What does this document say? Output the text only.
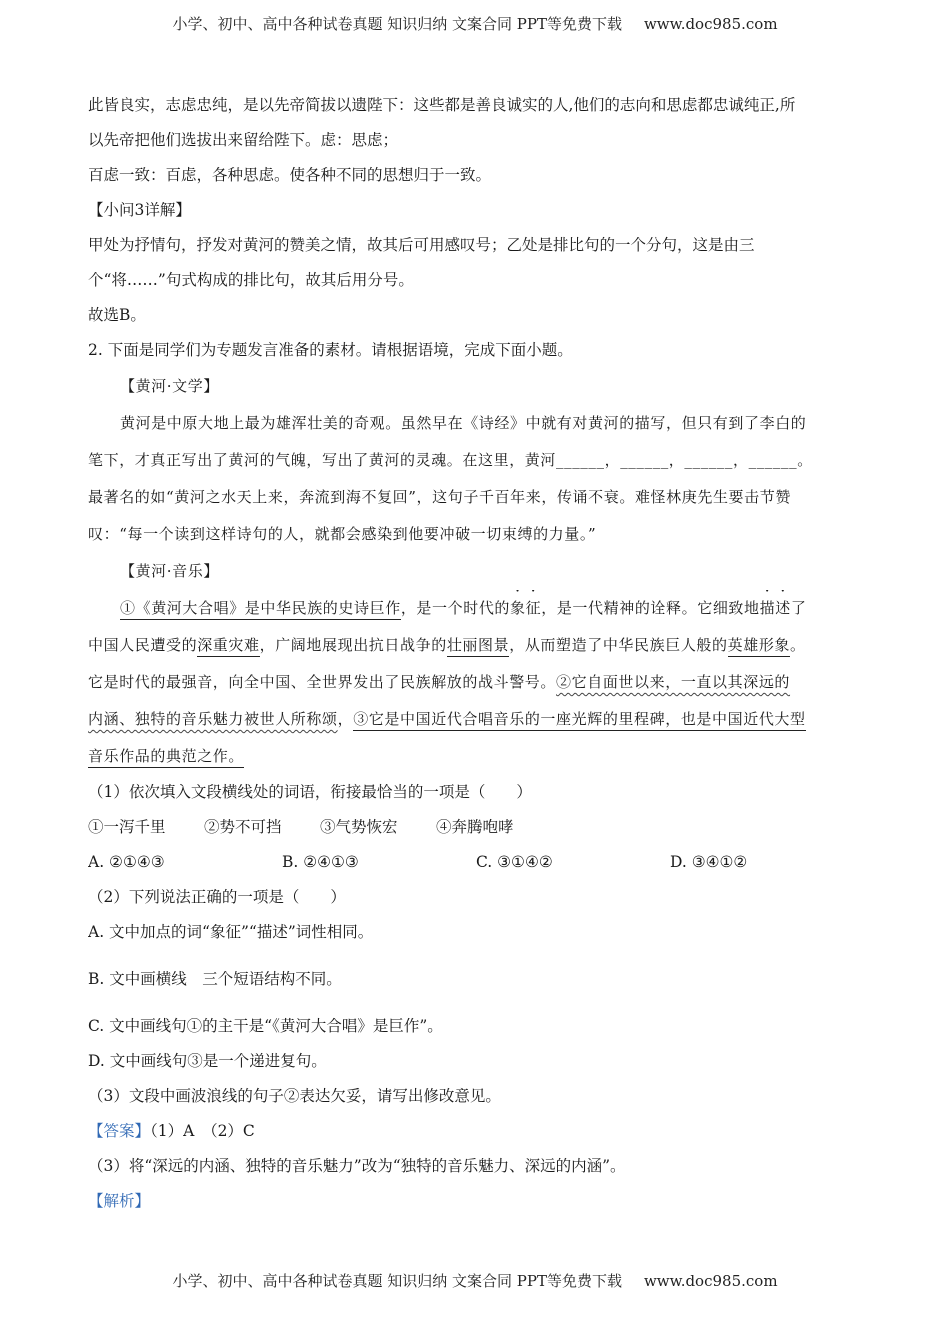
小学、初中、高中各种试卷真题 知识归纳 文案合同 PPT等免费下载 www.doc985.com
此皆良实，志虑忠纯，是以先帝简拔以遗陛下：这些都是善良诚实的人,他们的志向和思虑都忠诚纯正,所
以先帝把他们选拔出来留给陛下。虑：思虑；
百虑一致：百虑，各种思虑。使各种不同的思想归于一致。
【小问3详解】
甲处为抒情句，抒发对黄河的赞美之情，故其后可用感叹号；乙处是排比句的一个分句，这是由三
个“将……”句式构成的排比句，故其后用分号。
故选B。
2. 下面是同学们为专题发言准备的素材。请根据语境，完成下面小题。
【黄河·文学】
黄河是中原大地上最为雄浑壮美的奇观。虽然早在《诗经》中就有对黄河的描写，但只有到了李白的
笔下，才真正写出了黄河的气魄，写出了黄河的灵魂。在这里，黄河______，______，______，______。
最著名的如“黄河之水天上来，奔流到海不复回”，这句子千百年来，传诵不衰。难怪林庚先生要击节赞
叹：“每一个读到这样诗句的人，就都会感染到他要冲破一切束缚的力量。”
【黄河·音乐】
①《黄河大合唱》是中华民族的史诗巨作，是一个时代的象征，是一代精神的诠释。它细致地描述了
中国人民遭受的深重灾难，广阔地展现出抗日战争的壮丽图景，从而塑造了中华民族巨人般的英雄形象。
它是时代的最强音，向全中国、全世界发出了民族解放的战斗警号。②它自面世以来，一直以其深远的
内涵、独特的音乐魅力被世人所称颂，③它是中国近代合唱音乐的一座光辉的里程碑，也是中国近代大型
音乐作品的典范之作。
（1）依次填入文段横线处的词语，衔接最恰当的一项是（　　）
①一泻千里 ②势不可挡 ③气势恢宏 ④奔腾咆哮
A. ②①④③	B. ②④①③	C. ③①④②	D. ③④①②
（2）下列说法正确的一项是（　　）
A. 文中加点的词“象征”“描述”词性相同。
B. 文中画横线　三个短语结构不同。
C. 文中画线句①的主干是“《黄河大合唱》是巨作”。
D. 文中画线句③是一个递进复句。
（3）文段中画波浪线的句子②表达欠妥，请写出修改意见。
【答案】（1）A　（2）C
（3）将“深远的内涵、独特的音乐魅力”改为“独特的音乐魅力、深远的内涵”。
【解析】
小学、初中、高中各种试卷真题 知识归纳 文案合同 PPT等免费下载 www.doc985.com
